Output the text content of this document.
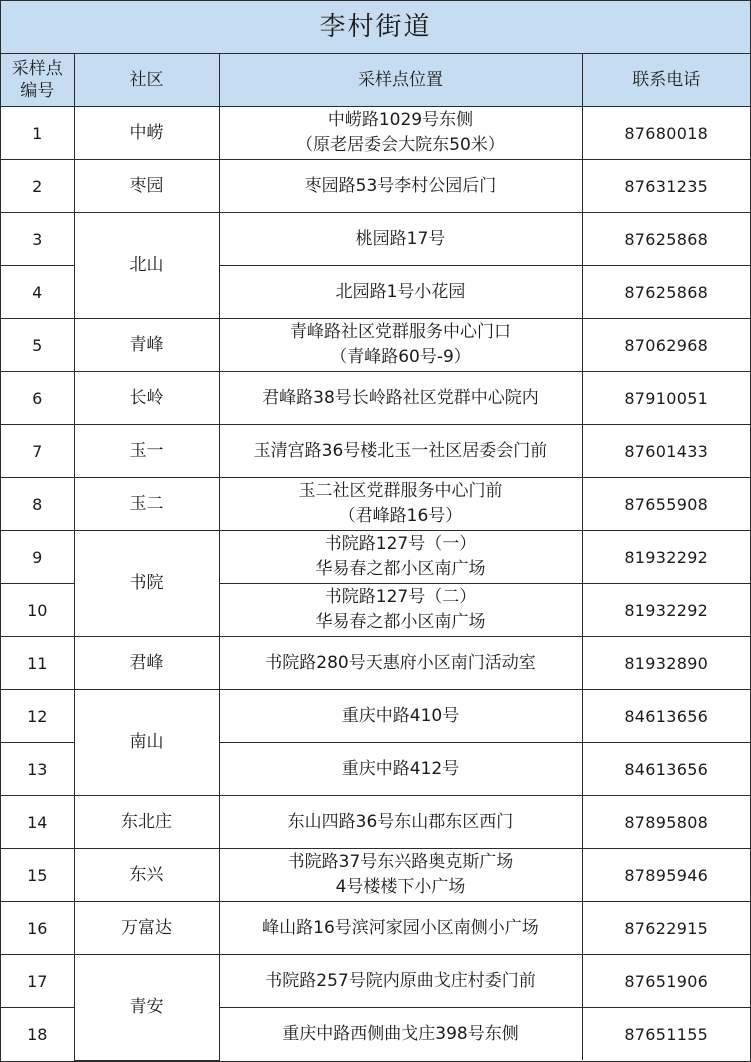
李村街道
采样点
编号	社区	采样点位置	联系电话
1	中崂	中崂路1029号东侧
（原老居委会大院东50米）	87680018
2	枣园	枣园路53号李村公园后门	87631235
3	北山	桃园路17号	87625868
4		北园路1号小花园	87625868
5	青峰	青峰路社区党群服务中心门口
（青峰路60号-9）	87062968
6	长岭	君峰路38号长岭路社区党群中心院内	87910051
7	玉一	玉清宫路36号楼北玉一社区居委会门前	87601433
8	玉二	玉二社区党群服务中心门前
（君峰路16号）	87655908
9	书院	书院路127号（一）
华易春之都小区南广场	81932292
10		书院路127号（二）
华易春之都小区南广场	81932292
11	君峰	书院路280号天惠府小区南门活动室	81932890
12	南山	重庆中路410号	84613656
13		重庆中路412号	84613656
14	东北庄	东山四路36号东山郡东区西门	87895808
15	东兴	书院路37号东兴路奥克斯广场
4号楼楼下小广场	87895946
16	万富达	峰山路16号滨河家园小区南侧小广场	87622915
17	青安	书院路257号院内原曲戈庄村委门前	87651906
18		重庆中路西侧曲戈庄398号东侧	87651155
